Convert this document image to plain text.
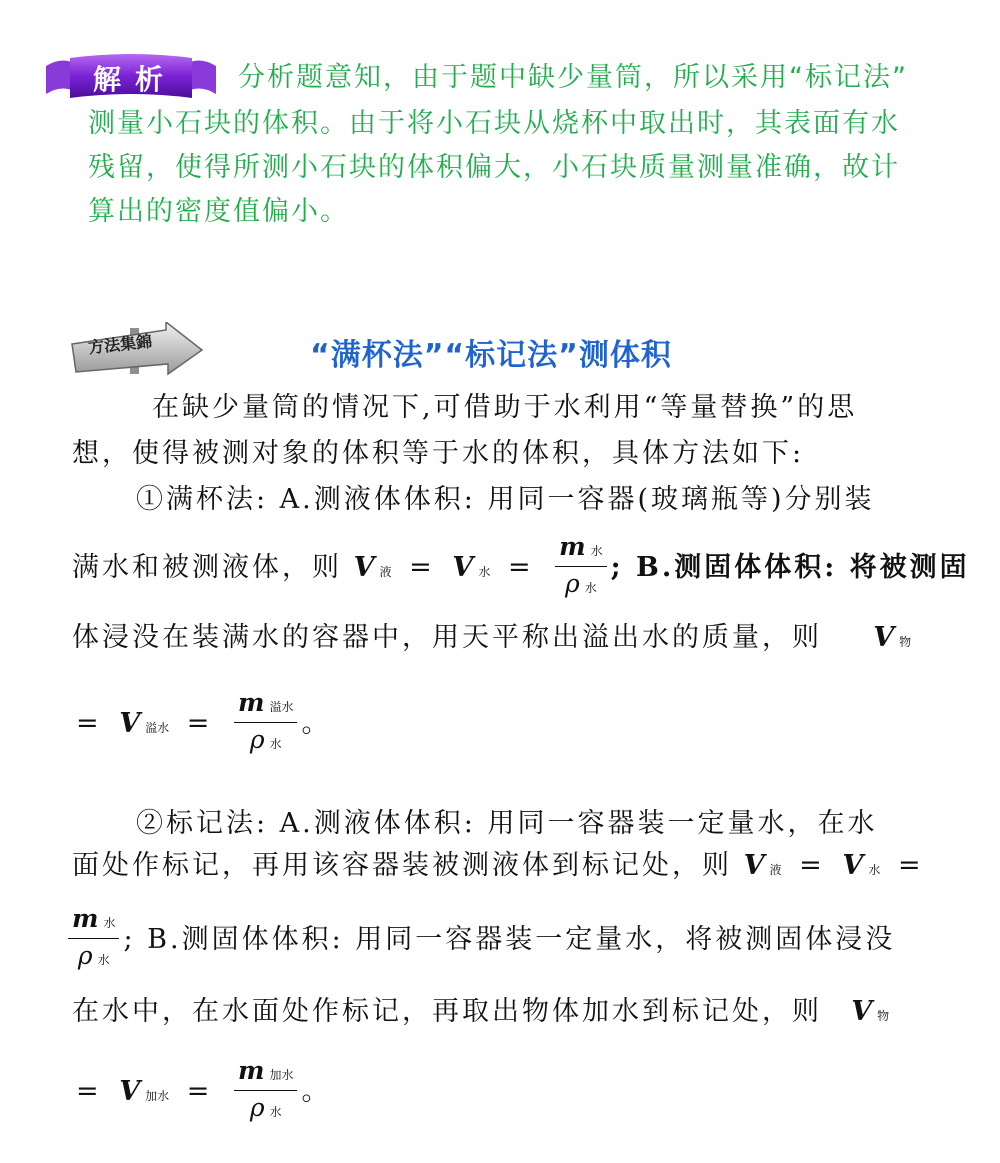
解析	分析题意知，由于题中缺少量筒，所以采用“标记法”
测量小石块的体积。由于将小石块从烧杯中取出时，其表面有水
残留，使得所测小石块的体积偏大，小石块质量测量准确，故计
算出的密度值偏小。
方法集錦	“满杯法”“标记法”测体积
在缺少量筒的情况下,可借助于水利用“等量替换”的思
想，使得被测对象的体积等于水的体积，具体方法如下:
①满杯法: A.测液体体积: 用同一容器(玻璃瓶等)分别装
满水和被测液体，则 V 液 = V 水 = $\frac{\text{m 水}}{\text{ρ 水}}$ ; B.测固体体积: 将被测固
体浸没在装满水的容器中，用天平称出溢出水的质量，则 V 物
= V 溢水 = $\frac{\text{m 溢水}}{\text{ρ 水}}$ 。
②标记法: A.测液体体积: 用同一容器装一定量水，在水
面处作标记，再用该容器装被测液体到标记处，则 V 液 = V 水 =
$\frac{\text{m 水}}{\text{ρ 水}}$ ; B.测固体体积: 用同一容器装一定量水，将被测固体浸没
在水中，在水面处作标记，再取出物体加水到标记处，则 V 物
= V 加水 = $\frac{\text{m 加水}}{\text{ρ 水}}$ 。
